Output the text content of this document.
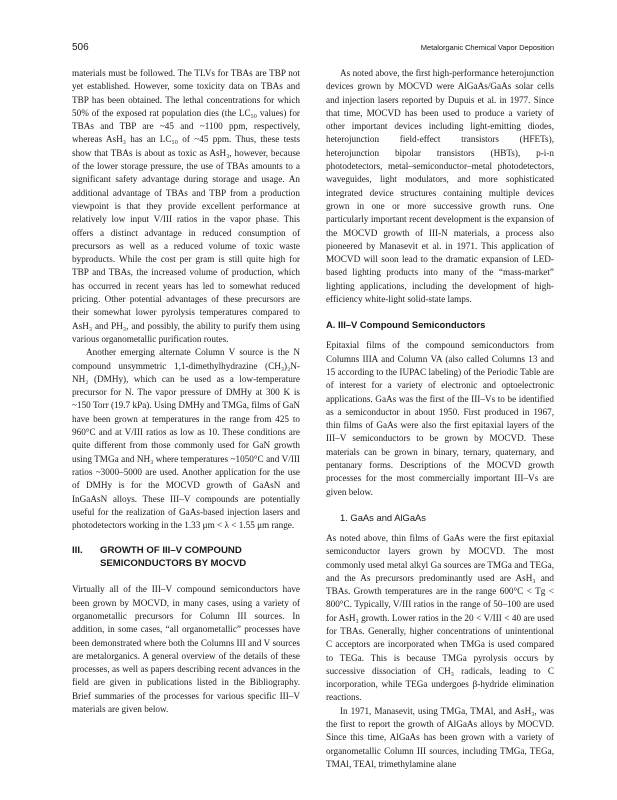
506	Metalorganic Chemical Vapor Deposition

materials must be followed. The TLVs for TBAs are TBP not yet established. However, some toxicity data on TBAs and TBP has been obtained. The lethal concentrations for which 50% of the exposed rat population dies (the LC₅₀ values) for TBAs and TBP are ~45 and ~1100 ppm, respectively, whereas AsH₃ has an LC₅₀ of ~45 ppm. Thus, these tests show that TBAs is about as toxic as AsH₃, however, because of the lower storage pressure, the use of TBAs amounts to a significant safety advantage during storage and usage. An additional advantage of TBAs and TBP from a production viewpoint is that they provide excellent performance at relatively low input V/III ratios in the vapor phase. This offers a distinct advantage in reduced consumption of precursors as well as a reduced volume of toxic waste byproducts. While the cost per gram is still quite high for TBP and TBAs, the increased volume of production, which has occurred in recent years has led to somewhat reduced pricing. Other potential advantages of these precursors are their somewhat lower pyrolysis temperatures compared to AsH₃ and PH₃, and possibly, the ability to purify them using various organometallic purification routes.

Another emerging alternate Column V source is the N compound unsymmetric 1,1-dimethylhydrazine (CH₃)₂N-NH₂ (DMHy), which can be used as a low-temperature precursor for N. The vapor pressure of DMHy at 300 K is ~150 Torr (19.7 kPa). Using DMHy and TMGa, films of GaN have been grown at temperatures in the range from 425 to 960°C and at V/III ratios as low as 10. These conditions are quite different from those commonly used for GaN growth using TMGa and NH₃ where temperatures ~1050°C and V/III ratios ~3000–5000 are used. Another application for the use of DMHy is for the MOCVD growth of GaAsN and InGaAsN alloys. These III–V compounds are potentially useful for the realization of GaAs-based injection lasers and photodetectors working in the 1.33 μm < λ < 1.55 μm range.

III. GROWTH OF III–V COMPOUND
SEMICONDUCTORS BY MOCVD

Virtually all of the III–V compound semiconductors have been grown by MOCVD, in many cases, using a variety of organometallic precursors for Column III sources. In addition, in some cases, “all organometallic” processes have been demonstrated where both the Columns III and V sources are metalorganics. A general overview of the details of these processes, as well as papers describing recent advances in the field are given in publications listed in the Bibliography. Brief summaries of the processes for various specific III–V materials are given below.

As noted above, the first high-performance heterojunction devices grown by MOCVD were AlGaAs/GaAs solar cells and injection lasers reported by Dupuis et al. in 1977. Since that time, MOCVD has been used to produce a variety of other important devices including light-emitting diodes, heterojunction field-effect transistors (HFETs), heterojunction bipolar transistors (HBTs), p-i-n photodetectors, metal–semiconductor–metal photodetectors, waveguides, light modulators, and more sophisticated integrated device structures containing multiple devices grown in one or more successive growth runs. One particularly important recent development is the expansion of the MOCVD growth of III-N materials, a process also pioneered by Manasevit et al. in 1971. This application of MOCVD will soon lead to the dramatic expansion of LED-based lighting products into many of the “mass-market” lighting applications, including the development of high-efficiency white-light solid-state lamps.

A. III–V Compound Semiconductors

Epitaxial films of the compound semiconductors from Columns IIIA and Column VA (also called Columns 13 and 15 according to the IUPAC labeling) of the Periodic Table are of interest for a variety of electronic and optoelectronic applications. GaAs was the first of the III–Vs to be identified as a semiconductor in about 1950. First produced in 1967, thin films of GaAs were also the first epitaxial layers of the III–V semiconductors to be grown by MOCVD. These materials can be grown in binary, ternary, quaternary, and pentanary forms. Descriptions of the MOCVD growth processes for the most commercially important III–Vs are given below.

1. GaAs and AlGaAs

As noted above, thin films of GaAs were the first epitaxial semiconductor layers grown by MOCVD. The most commonly used metal alkyl Ga sources are TMGa and TEGa, and the As precursors predominantly used are AsH₃ and TBAs. Growth temperatures are in the range 600°C < Tg < 800°C. Typically, V/III ratios in the range of 50–100 are used for AsH₃ growth. Lower ratios in the 20 < V/III < 40 are used for TBAs. Generally, higher concentrations of unintentional C acceptors are incorporated when TMGa is used compared to TEGa. This is because TMGa pyrolysis occurs by successive dissociation of CH₃ radicals, leading to C incorporation, while TEGa undergoes β-hydride elimination reactions.

In 1971, Manasevit, using TMGa, TMAl, and AsH₃, was the first to report the growth of AlGaAs alloys by MOCVD. Since this time, AlGaAs has been grown with a variety of organometallic Column III sources, including TMGa, TEGa, TMAl, TEAl, trimethylamine alane
